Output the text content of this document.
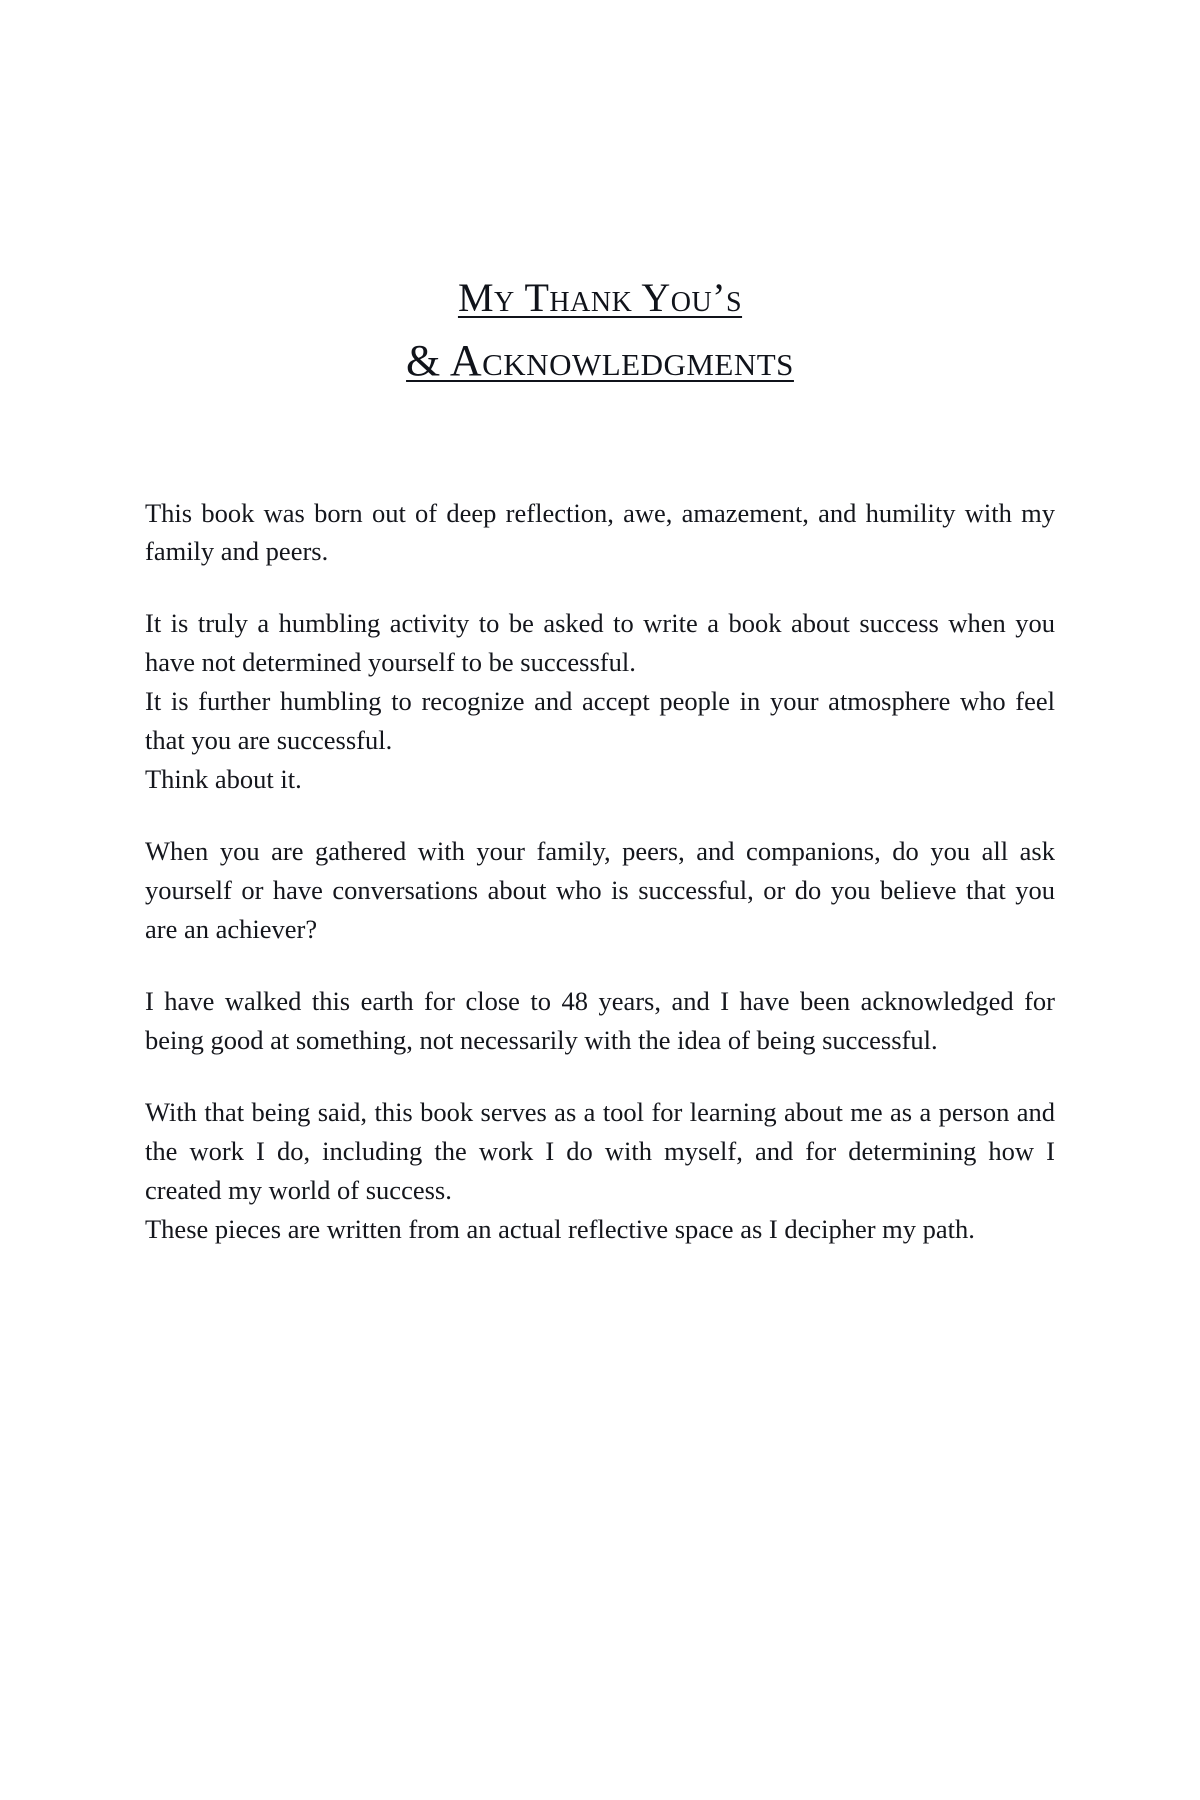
My Thank You’s
& Acknowledgments

This book was born out of deep reflection, awe, amazement, and humility with my family and peers.

It is truly a humbling activity to be asked to write a book about success when you have not determined yourself to be successful.

It is further humbling to recognize and accept people in your atmosphere who feel that you are successful.

Think about it.

When you are gathered with your family, peers, and companions, do you all ask yourself or have conversations about who is successful, or do you believe that you are an achiever?

I have walked this earth for close to 48 years, and I have been acknowledged for being good at something, not necessarily with the idea of being successful.

With that being said, this book serves as a tool for learning about me as a person and the work I do, including the work I do with myself, and for determining how I created my world of success.

These pieces are written from an actual reflective space as I decipher my path.
